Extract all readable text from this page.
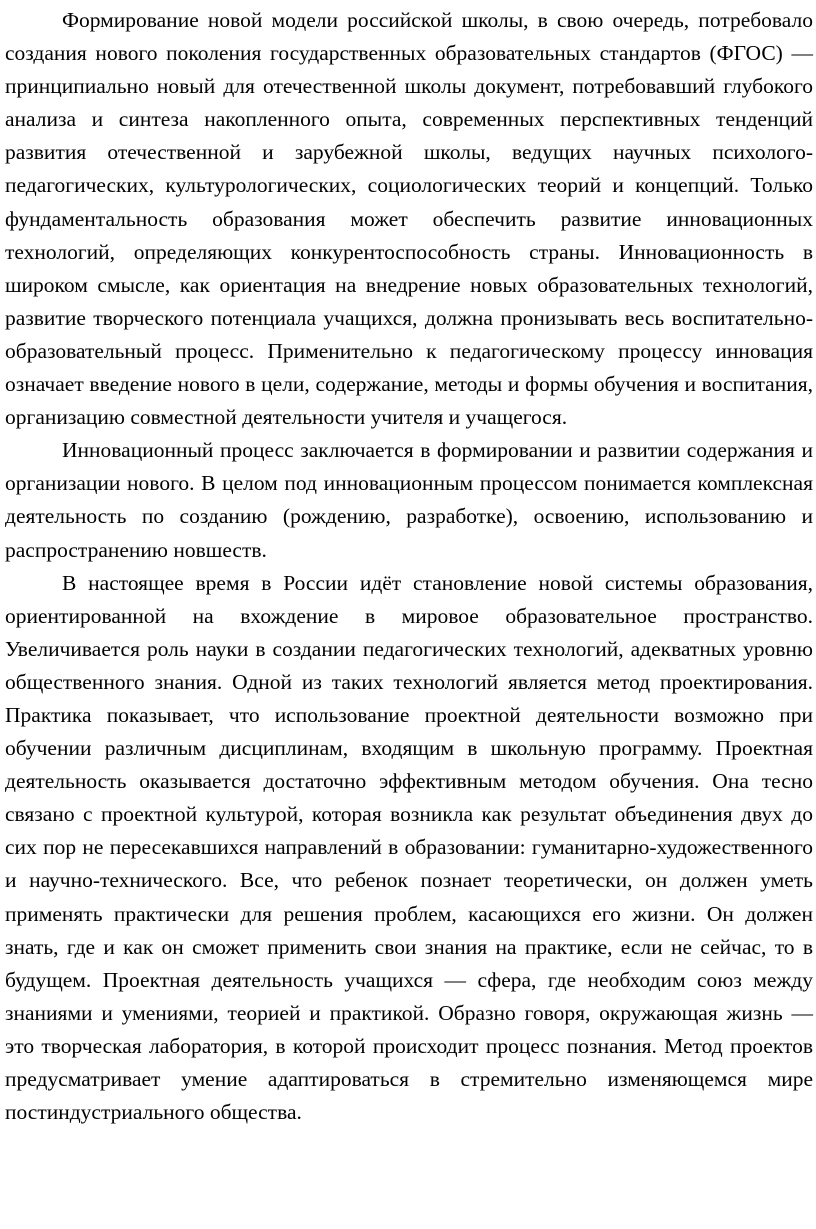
Формирование новой модели российской школы, в свою очередь, потребовало создания нового поколения государственных образовательных стандартов (ФГОС) — принципиально новый для отечественной школы документ, потребовавший глубокого анализа и синтеза накопленного опыта, современных перспективных тенденций развития отечественной и зарубежной школы, ведущих научных психолого-педагогических, культурологических, социологических теорий и концепций. Только фундаментальность образования может обеспечить развитие инновационных технологий, определяющих конкурентоспособность страны. Инновационность в широком смысле, как ориентация на внедрение новых образовательных технологий, развитие творческого потенциала учащихся, должна пронизывать весь воспитательно-образовательный процесс. Применительно к педагогическому процессу инновация означает введение нового в цели, содержание, методы и формы обучения и воспитания, организацию совместной деятельности учителя и учащегося.

Инновационный процесс заключается в формировании и развитии содержания и организации нового. В целом под инновационным процессом понимается комплексная деятельность по созданию (рождению, разработке), освоению, использованию и распространению новшеств.

В настоящее время в России идёт становление новой системы образования, ориентированной на вхождение в мировое образовательное пространство. Увеличивается роль науки в создании педагогических технологий, адекватных уровню общественного знания. Одной из таких технологий является метод проектирования. Практика показывает, что использование проектной деятельности возможно при обучении различным дисциплинам, входящим в школьную программу. Проектная деятельность оказывается достаточно эффективным методом обучения. Она тесно связано с проектной культурой, которая возникла как результат объединения двух до сих пор не пересекавшихся направлений в образовании: гуманитарно-художественного и научно-технического. Все, что ребенок познает теоретически, он должен уметь применять практически для решения проблем, касающихся его жизни. Он должен знать, где и как он сможет применить свои знания на практике, если не сейчас, то в будущем. Проектная деятельность учащихся — сфера, где необходим союз между знаниями и умениями, теорией и практикой. Образно говоря, окружающая жизнь — это творческая лаборатория, в которой происходит процесс познания. Метод проектов предусматривает умение адаптироваться в стремительно изменяющемся мире постиндустриального общества.
